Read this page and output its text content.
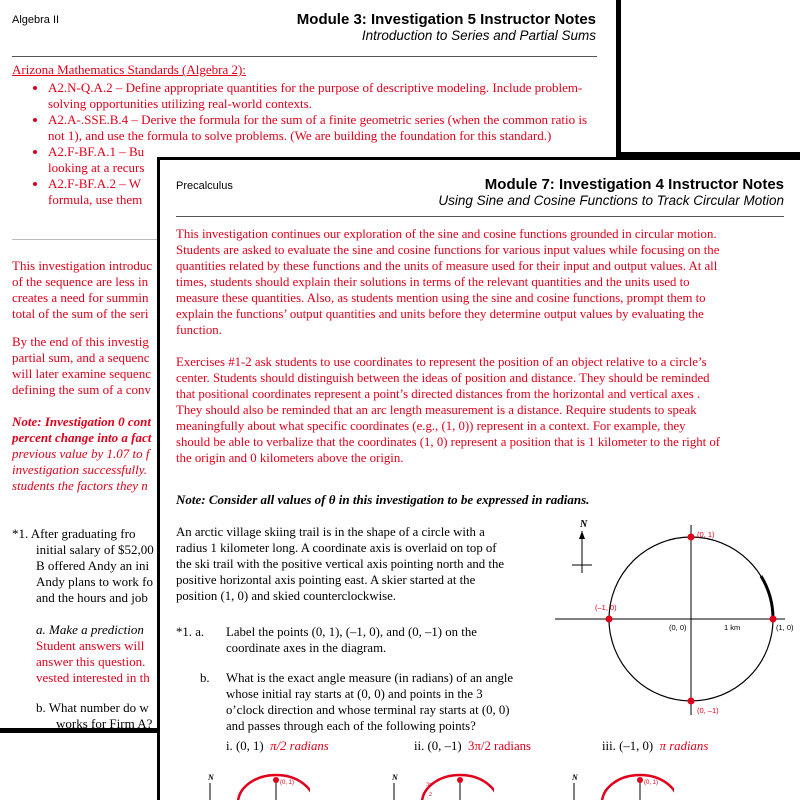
Algebra II	Module 3: Investigation 5 Instructor Notes
Introduction to Series and Partial Sums
Arizona Mathematics Standards (Algebra 2):
• A2.N-Q.A.2 – Define appropriate quantities for the purpose of descriptive modeling. Include problem-solving opportunities utilizing real-world contexts.
• A2.A-.SSE.B.4 – Derive the formula for the sum of a finite geometric series (when the common ratio is not 1), and use the formula to solve problems. (We are building the foundation for this standard.)
• A2.F-BF.A.1 – Bu
looking at a recurs
• A2.F-BF.A.2 – W
formula, use them
This investigation introduc
of the sequence are less in
creates a need for summin
total of the sum of the seri
By the end of this investig
partial sum, and a sequenc
will later examine sequenc
defining the sum of a conv
Note: Investigation 0 cont
percent change into a fact
previous value by 1.07 to f
investigation successfully.
students the factors they n
*1. After graduating fro
initial salary of $52,00
B offered Andy an ini
Andy plans to work fo
and the hours and job
a. Make a prediction
Student answers will
answer this question.
vested interested in th
b. What number do w
works for Firm A?
Precalculus	Module 7: Investigation 4 Instructor Notes
Using Sine and Cosine Functions to Track Circular Motion
This investigation continues our exploration of the sine and cosine functions grounded in circular motion.
Students are asked to evaluate the sine and cosine functions for various input values while focusing on the
quantities related by these functions and the units of measure used for their input and output values. At all
times, students should explain their solutions in terms of the relevant quantities and the units used to
measure these quantities. Also, as students mention using the sine and cosine functions, prompt them to
explain the functions’ output quantities and units before they determine output values by evaluating the
function.
Exercises #1-2 ask students to use coordinates to represent the position of an object relative to a circle’s
center. Students should distinguish between the ideas of position and distance. They should be reminded
that positional coordinates represent a point’s directed distances from the horizontal and vertical axes .
They should also be reminded that an arc length measurement is a distance. Require students to speak
meaningfully about what specific coordinates (e.g., (1, 0)) represent in a context. For example, they
should be able to verbalize that the coordinates (1, 0) represent a position that is 1 kilometer to the right of
the origin and 0 kilometers above the origin.
Note: Consider all values of θ in this investigation to be expressed in radians.
An arctic village skiing trail is in the shape of a circle with a
radius 1 kilometer long. A coordinate axis is overlaid on top of
the ski trail with the positive vertical axis pointing north and the
positive horizontal axis pointing east. A skier started at the
position (1, 0) and skied counterclockwise.
*1. a. Label the points (0, 1), (–1, 0), and (0, –1) on the
coordinate axes in the diagram.
b. What is the exact angle measure (in radians) of an angle
whose initial ray starts at (0, 0) and points in the 3
o’clock direction and whose terminal ray starts at (0, 0)
and passes through each of the following points?
i. (0, 1) π/2 radians	ii. (0, –1) 3π/2 radians	iii. (–1, 0) π radians
N
(0, 1)
(–1, 0)
(0, 0)	1 km	(1, 0)
(0, –1)
N
(0, 1)
N
3π
2
N
(0, 1)
